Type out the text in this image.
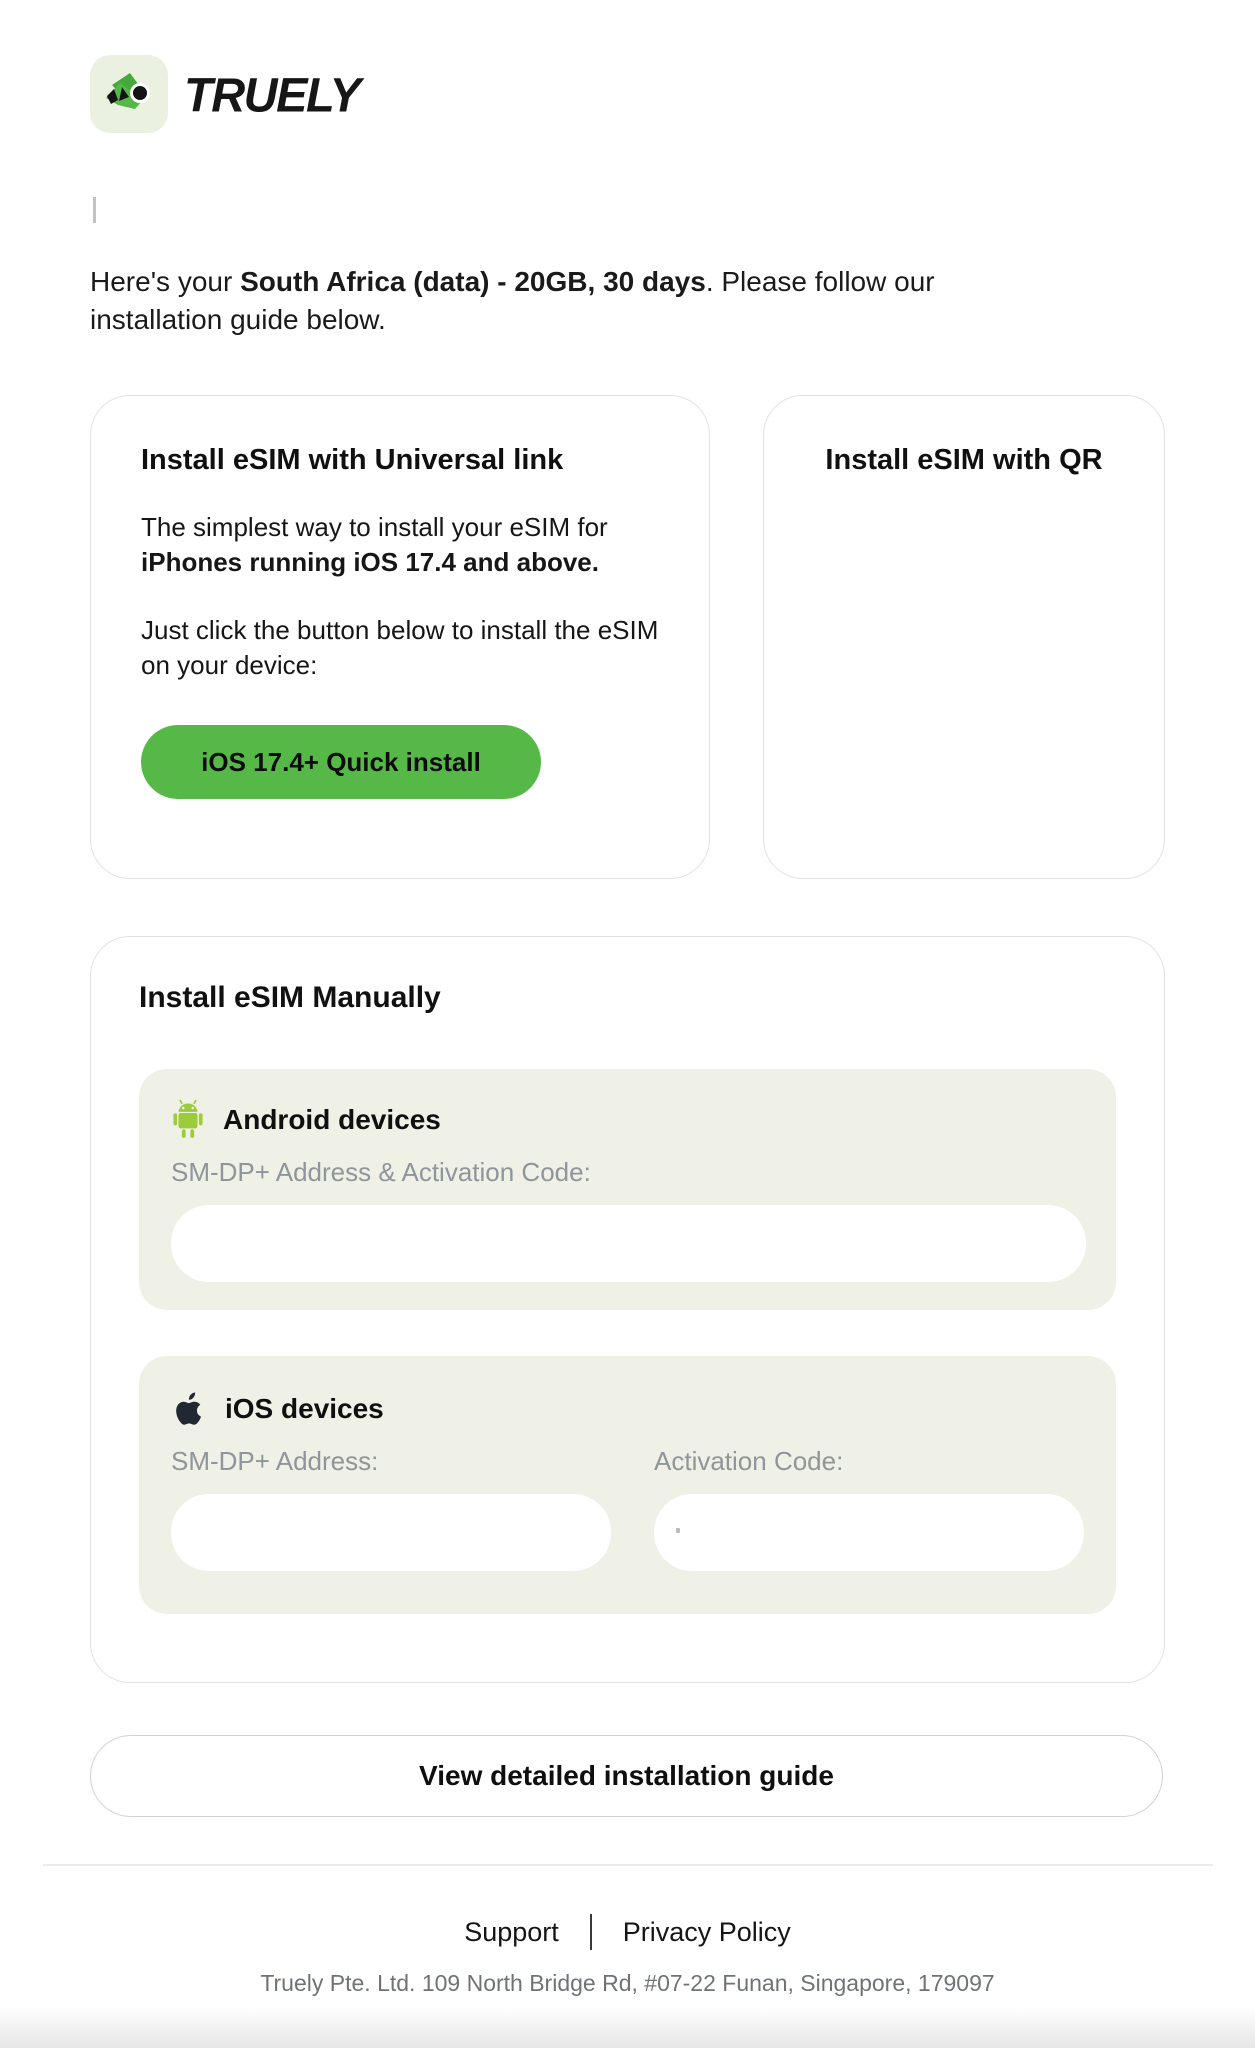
TRUELY

Here's your South Africa (data) - 20GB, 30 days. Please follow our installation guide below.

Install eSIM with Universal link

The simplest way to install your eSIM for iPhones running iOS 17.4 and above.

Just click the button below to install the eSIM on your device:

iOS 17.4+ Quick install
Install eSIM with QR
Install eSIM Manually
Android devices
SM-DP+ Address & Activation Code:
iOS devices
SM-DP+ Address:	Activation Code:
View detailed installation guide
Support Privacy Policy
Truely Pte. Ltd. 109 North Bridge Rd, #07-22 Funan, Singapore, 179097
